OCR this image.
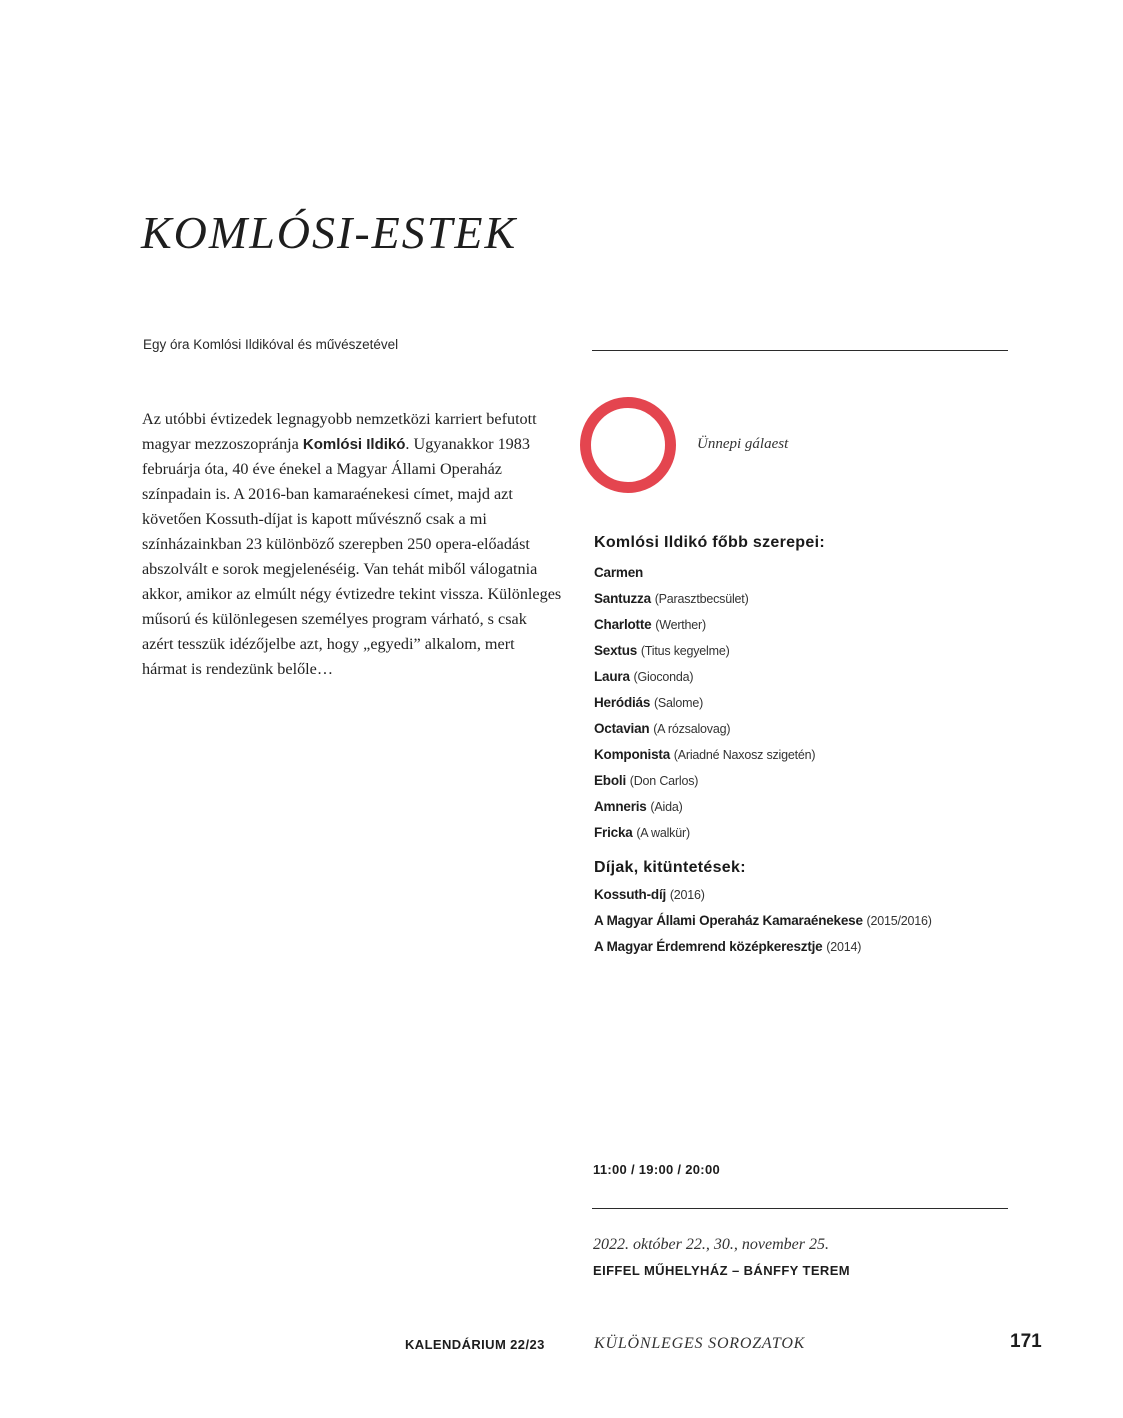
KOMLÓSI-ESTEK
Egy óra Komlósi Ildikóval és művészetével

Az utóbbi évtizedek legnagyobb nemzetközi karriert befutott magyar mezzoszopránja Komlósi Ildikó. Ugyanakkor 1983 februárja óta, 40 éve énekel a Magyar Állami Operaház színpadain is. A 2016-ban kamaraénekesi címet, majd azt követően Kossuth-díjat is kapott művésznő csak a mi színházainkban 23 különböző szerepben 250 opera-előadást abszolvált e sorok megjelenéséig. Van tehát miből válogatnia akkor, amikor az elmúlt négy évtizedre tekint vissza. Különleges műsorú és különlegesen személyes program várható, s csak azért tesszük idézőjelbe azt, hogy „egyedi” alkalom, mert hármat is rendezünk belőle…

Ünnepi gálaest
Komlósi Ildikó főbb szerepei:
Carmen
Santuzza (Parasztbecsület)
Charlotte (Werther)
Sextus (Titus kegyelme)
Laura (Gioconda)
Heródiás (Salome)
Octavian (A rózsalovag)
Komponista (Ariadné Naxosz szigetén)
Eboli (Don Carlos)
Amneris (Aida)
Fricka (A walkür)
Díjak, kitüntetések:
Kossuth-díj (2016)
A Magyar Állami Operaház Kamaraénekese (2015/2016)
A Magyar Érdemrend középkeresztje (2014)
11:00 / 19:00 / 20:00
2022. október 22., 30., november 25.
EIFFEL MŰHELYHÁZ – BÁNFFY TEREM
KALENDÁRIUM 22/23	KÜLÖNLEGES SOROZATOK	171
